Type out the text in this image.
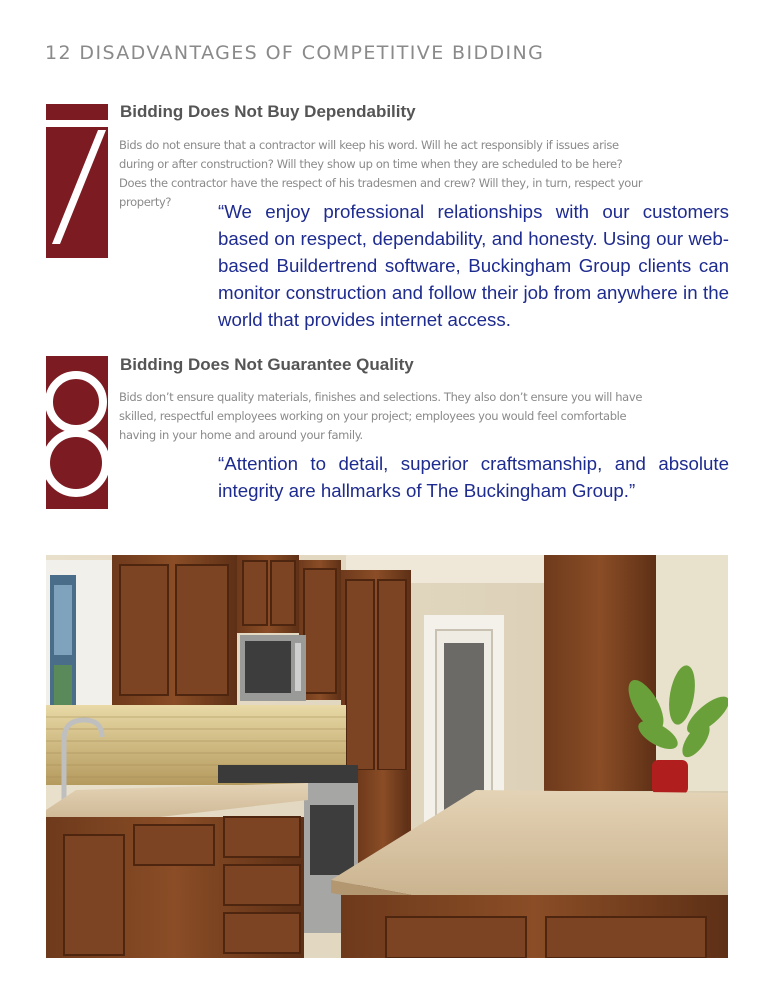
12 DISADVANTAGES OF COMPETITIVE BIDDING
Bidding Does Not Buy Dependability
Bids do not ensure that a contractor will keep his word. Will he act responsibly if issues arise during or after construction? Will they show up on time when they are scheduled to be here? Does the contractor have the respect of his tradesmen and crew? Will they, in turn, respect your property?	“We enjoy professional relationships with our customers based on respect, dependability, and honesty. Using our web-based Buildertrend software, Buckingham Group clients can monitor construction and follow their job from anywhere in the world that provides internet access.
Bidding Does Not Guarantee Quality
Bids don’t ensure quality materials, finishes and selections. They also don’t ensure you will have skilled, respectful employees working on your project; employees you would feel comfortable having in your home and around your family.
“Attention to detail, superior craftsmanship, and absolute integrity are hallmarks of The Buckingham Group.”
